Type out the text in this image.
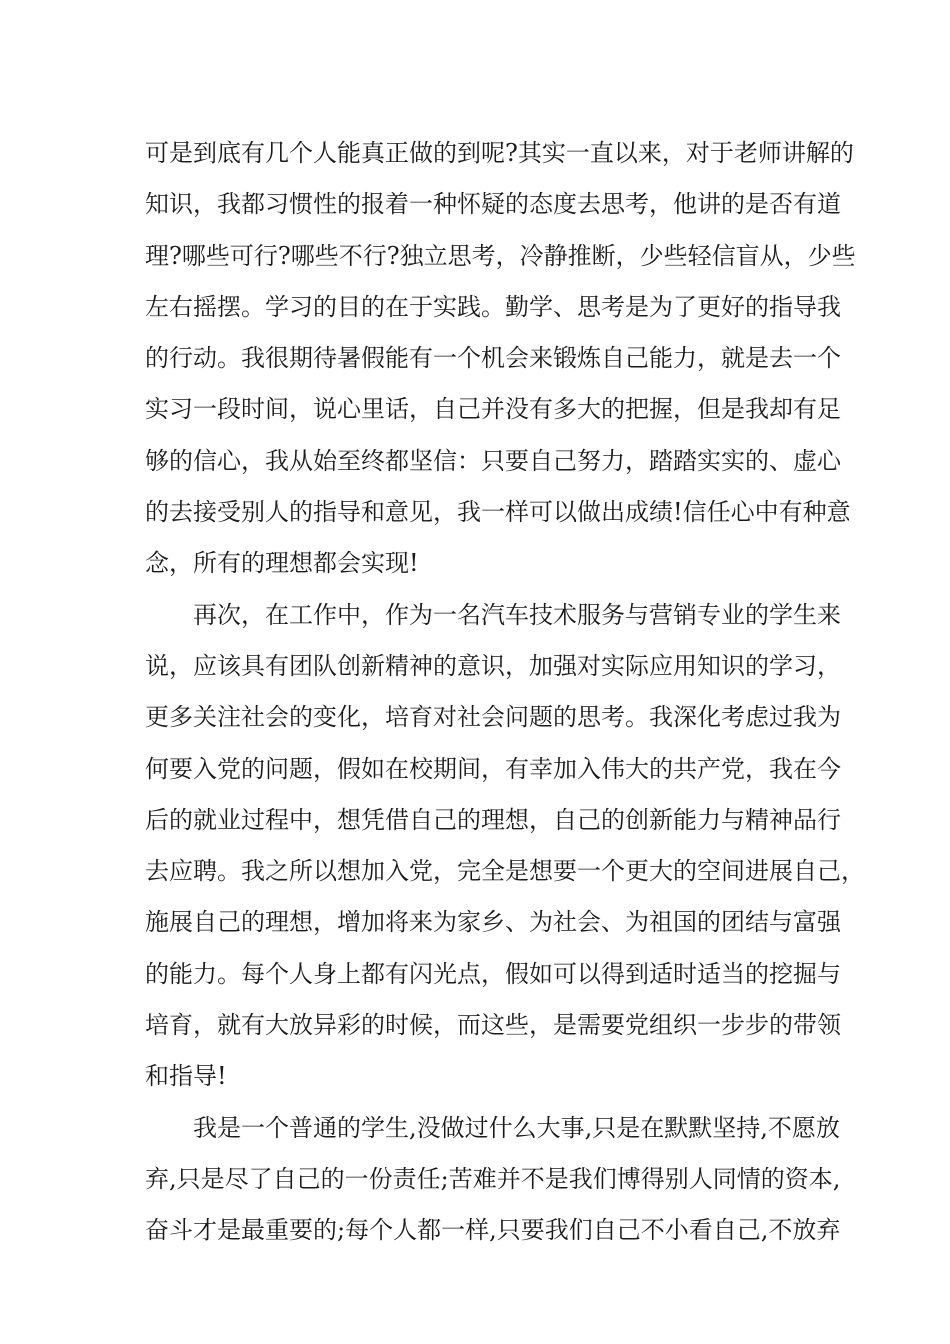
可是到底有几个人能真正做的到呢?其实一直以来，对于老师讲解的
知识，我都习惯性的报着一种怀疑的态度去思考，他讲的是否有道
理?哪些可行?哪些不行?独立思考，冷静推断，少些轻信盲从，少些
左右摇摆。学习的目的在于实践。勤学、思考是为了更好的指导我
的行动。我很期待暑假能有一个机会来锻炼自己能力，就是去一个
实习一段时间，说心里话，自己并没有多大的把握，但是我却有足
够的信心，我从始至终都坚信：只要自己努力，踏踏实实的、虚心
的去接受别人的指导和意见，我一样可以做出成绩!信任心中有种意
念，所有的理想都会实现!
再次，在工作中，作为一名汽车技术服务与营销专业的学生来
说，应该具有团队创新精神的意识，加强对实际应用知识的学习，
更多关注社会的变化，培育对社会问题的思考。我深化考虑过我为
何要入党的问题，假如在校期间，有幸加入伟大的共产党，我在今
后的就业过程中，想凭借自己的理想，自己的创新能力与精神品行
去应聘。我之所以想加入党，完全是想要一个更大的空间进展自己，
施展自己的理想，增加将来为家乡、为社会、为祖国的团结与富强
的能力。每个人身上都有闪光点，假如可以得到适时适当的挖掘与
培育，就有大放异彩的时候，而这些，是需要党组织一步步的带领
和指导!
我是一个普通的学生,没做过什么大事,只是在默默坚持,不愿放
弃,只是尽了自己的一份责任;苦难并不是我们博得别人同情的资本,
奋斗才是最重要的;每个人都一样,只要我们自己不小看自己,不放弃
